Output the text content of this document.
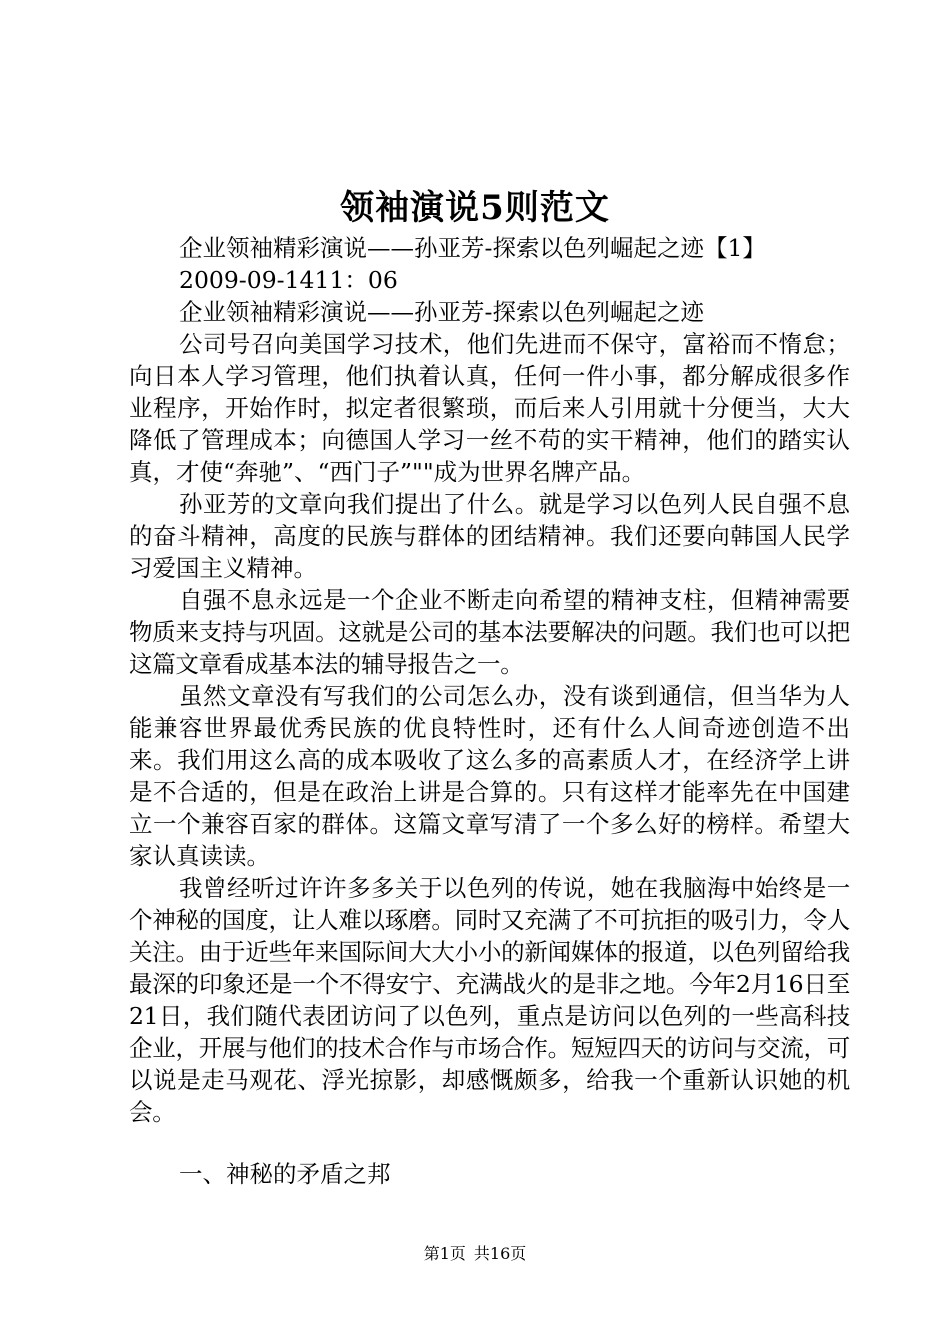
领袖演说5则范文
企业领袖精彩演说——孙亚芳-探索以色列崛起之迹【1】
2009-09-1411：06
企业领袖精彩演说——孙亚芳-探索以色列崛起之迹

公司号召向美国学习技术，他们先进而不保守，富裕而不惰怠；向日本人学习管理，他们执着认真，任何一件小事，都分解成很多作业程序，开始作时，拟定者很繁琐，而后来人引用就十分便当，大大降低了管理成本；向德国人学习一丝不苟的实干精神，他们的踏实认真，才使“奔驰”、“西门子”""成为世界名牌产品。

孙亚芳的文章向我们提出了什么。就是学习以色列人民自强不息的奋斗精神，高度的民族与群体的团结精神。我们还要向韩国人民学习爱国主义精神。

自强不息永远是一个企业不断走向希望的精神支柱，但精神需要物质来支持与巩固。这就是公司的基本法要解决的问题。我们也可以把这篇文章看成基本法的辅导报告之一。

虽然文章没有写我们的公司怎么办，没有谈到通信，但当华为人能兼容世界最优秀民族的优良特性时，还有什么人间奇迹创造不出来。我们用这么高的成本吸收了这么多的高素质人才，在经济学上讲是不合适的，但是在政治上讲是合算的。只有这样才能率先在中国建立一个兼容百家的群体。这篇文章写清了一个多么好的榜样。希望大家认真读读。

我曾经听过许许多多关于以色列的传说，她在我脑海中始终是一个神秘的国度，让人难以琢磨。同时又充满了不可抗拒的吸引力，令人关注。由于近些年来国际间大大小小的新闻媒体的报道，以色列留给我最深的印象还是一个不得安宁、充满战火的是非之地。今年2月16日至21日，我们随代表团访问了以色列，重点是访问以色列的一些高科技企业，开展与他们的技术合作与市场合作。短短四天的访问与交流，可以说是走马观花、浮光掠影，却感慨颇多，给我一个重新认识她的机会。

一、神秘的矛盾之邦
第1页 共16页
